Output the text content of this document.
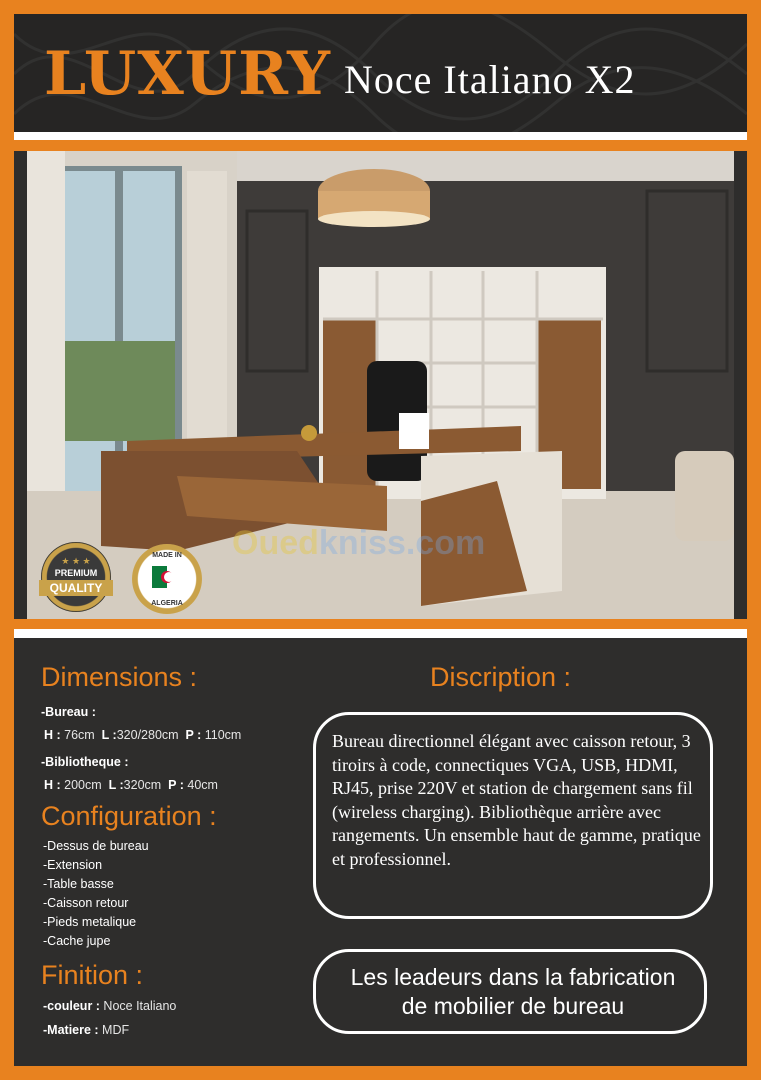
LUXURY Noce Italiano X2
★ ★ ★
PREMIUM
QUALITY
MADE IN
ALGERIA
Ouedkniss.com
Dimensions :
-Bureau :
H : 76cm L :320/280cm P : 110cm
-Bibliotheque :
H : 200cm L :320cm P : 40cm
Configuration :
-Dessus de bureau
-Extension
-Table basse
-Caisson retour
-Pieds metalique
-Cache jupe
Finition :
-couleur : Noce Italiano
-Matiere : MDF
Discription :
Bureau directionnel élégant avec caisson retour, 3 tiroirs à code, connectiques VGA, USB, HDMI, RJ45, prise 220V et station de chargement sans fil (wireless charging). Bibliothèque arrière avec rangements. Un ensemble haut de gamme, pratique et professionnel.
Les leadeurs dans la fabrication
de mobilier de bureau
